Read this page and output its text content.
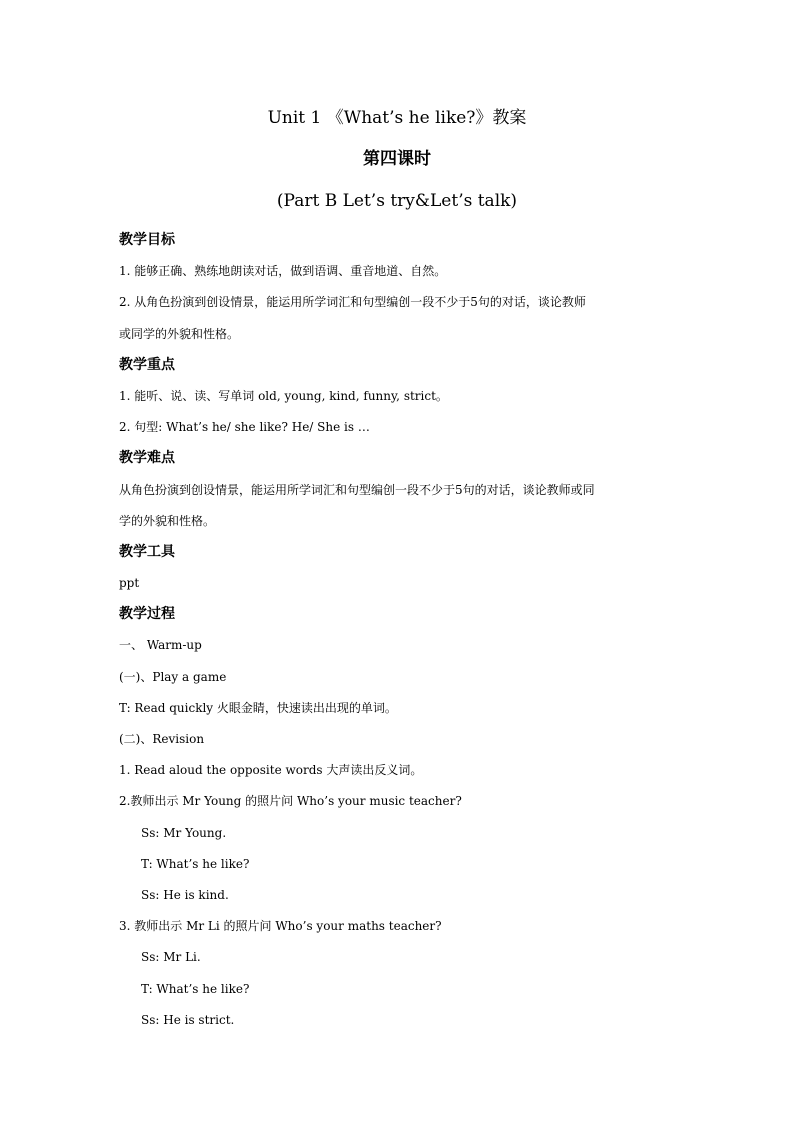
Unit 1 《What’s he like?》教案
第四课时
(Part B Let’s try&Let’s talk)
教学目标
1. 能够正确、熟练地朗读对话，做到语调、重音地道、自然。
2. 从角色扮演到创设情景，能运用所学词汇和句型编创一段不少于5句的对话，谈论教师
或同学的外貌和性格。
教学重点
1. 能听、说、读、写单词 old, young, kind, funny, strict。
2. 句型: What’s he/ she like? He/ She is …
教学难点
从角色扮演到创设情景，能运用所学词汇和句型编创一段不少于5句的对话，谈论教师或同
学的外貌和性格。
教学工具
ppt
教学过程
一、 Warm-up
(一)、Play a game
T: Read quickly 火眼金睛，快速读出出现的单词。
(二)、Revision
1. Read aloud the opposite words 大声读出反义词。
2.教师出示 Mr Young 的照片问 Who’s your music teacher?
Ss: Mr Young.
T: What’s he like?
Ss: He is kind.
3. 教师出示 Mr Li 的照片问 Who’s your maths teacher?
Ss: Mr Li.
T: What’s he like?
Ss: He is strict.
